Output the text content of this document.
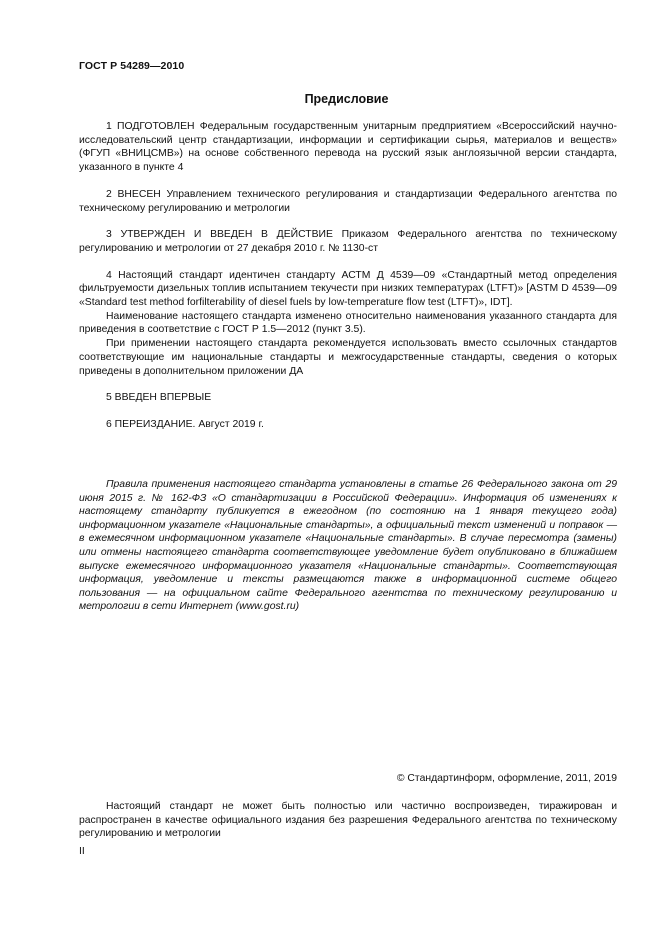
ГОСТ Р 54289—2010
Предисловие

1 ПОДГОТОВЛЕН Федеральным государственным унитарным предприятием «Всероссийский научно-исследовательский центр стандартизации, информации и сертификации сырья, материалов и веществ» (ФГУП «ВНИЦСМВ») на основе собственного перевода на русский язык англоязычной версии стандарта, указанного в пункте 4

2 ВНЕСЕН Управлением технического регулирования и стандартизации Федерального агентства по техническому регулированию и метрологии

3 УТВЕРЖДЕН И ВВЕДЕН В ДЕЙСТВИЕ Приказом Федерального агентства по техническому регулированию и метрологии от 27 декабря 2010 г. № 1130-ст

4 Настоящий стандарт идентичен стандарту АСТМ Д 4539—09 «Стандартный метод определения фильтруемости дизельных топлив испытанием текучести при низких температурах (LTFT)» [ASTM D 4539—09 «Standard test method forfilterability of diesel fuels by low-temperature flow test (LTFT)», IDT].

Наименование настоящего стандарта изменено относительно наименования указанного стандарта для приведения в соответствие с ГОСТ Р 1.5—2012 (пункт 3.5).

При применении настоящего стандарта рекомендуется использовать вместо ссылочных стандартов соответствующие им национальные стандарты и межгосударственные стандарты, сведения о которых приведены в дополнительном приложении ДА

5 ВВЕДЕН ВПЕРВЫЕ

6 ПЕРЕИЗДАНИЕ. Август 2019 г.

Правила применения настоящего стандарта установлены в статье 26 Федерального закона от 29 июня 2015 г. № 162-ФЗ «О стандартизации в Российской Федерации». Информация об изменениях к настоящему стандарту публикуется в ежегодном (по состоянию на 1 января текущего года) информационном указателе «Национальные стандарты», а официальный текст изменений и поправок — в ежемесячном информационном указателе «Национальные стандарты». В случае пересмотра (замены) или отмены настоящего стандарта соответствующее уведомление будет опубликовано в ближайшем выпуске ежемесячного информационного указателя «Национальные стандарты». Соответствующая информация, уведомление и тексты размещаются также в информационной системе общего пользования — на официальном сайте Федерального агентства по техническому регулированию и метрологии в сети Интернет (www.gost.ru)

© Стандартинформ, оформление, 2011, 2019

Настоящий стандарт не может быть полностью или частично воспроизведен, тиражирован и распространен в качестве официального издания без разрешения Федерального агентства по техническому регулированию и метрологии

II
